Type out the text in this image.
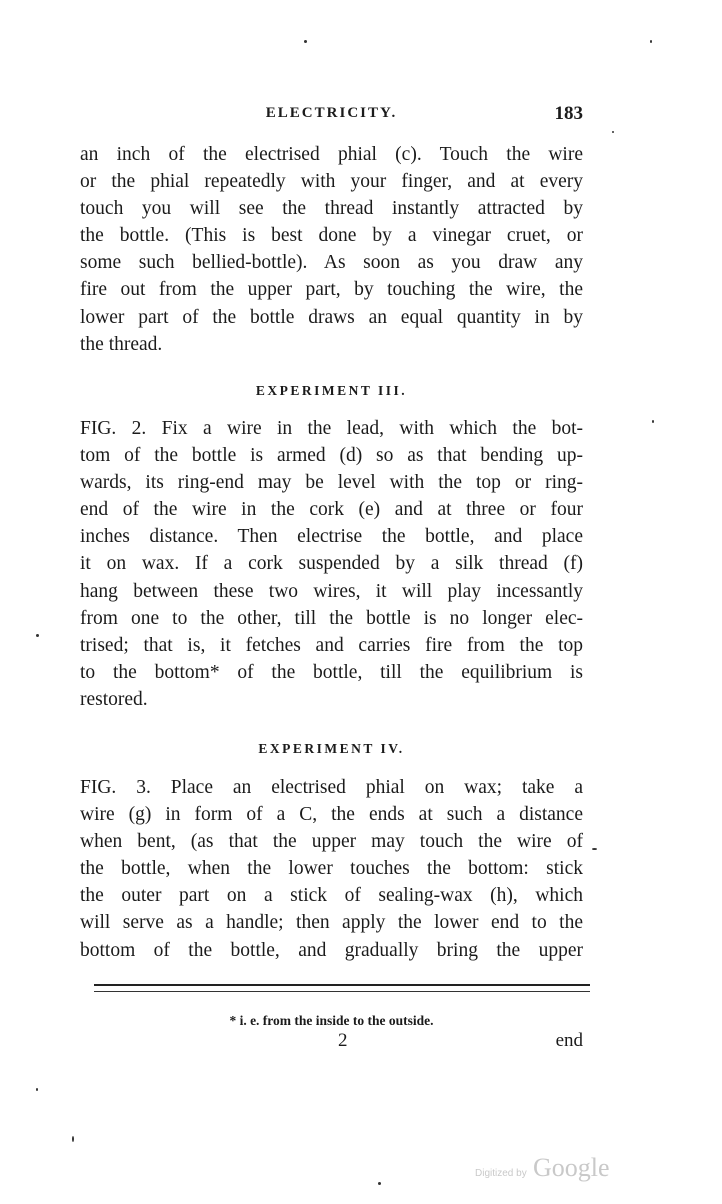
ELECTRICITY.	183
an inch of the electrised phial (c). Touch the wire
or the phial repeatedly with your finger, and at every
touch you will see the thread instantly attracted by
the bottle. (This is best done by a vinegar cruet, or
some such bellied-bottle). As soon as you draw any
fire out from the upper part, by touching the wire, the
lower part of the bottle draws an equal quantity in by
the thread.
EXPERIMENT III.
FIG. 2. Fix a wire in the lead, with which the bot-
tom of the bottle is armed (d) so as that bending up-
wards, its ring-end may be level with the top or ring-
end of the wire in the cork (e) and at three or four
inches distance. Then electrise the bottle, and place
it on wax. If a cork suspended by a silk thread (f)
hang between these two wires, it will play incessantly
from one to the other, till the bottle is no longer elec-
trised; that is, it fetches and carries fire from the top
to the bottom* of the bottle, till the equilibrium is
restored.
EXPERIMENT IV.
FIG. 3. Place an electrised phial on wax; take a
wire (g) in form of a C, the ends at such a distance
when bent, (as that the upper may touch the wire of
the bottle, when the lower touches the bottom: stick
the outer part on a stick of sealing-wax (h), which
will serve as a handle; then apply the lower end to the
bottom of the bottle, and gradually bring the upper
* i. e. from the inside to the outside.
2	end
Digitized by Google
